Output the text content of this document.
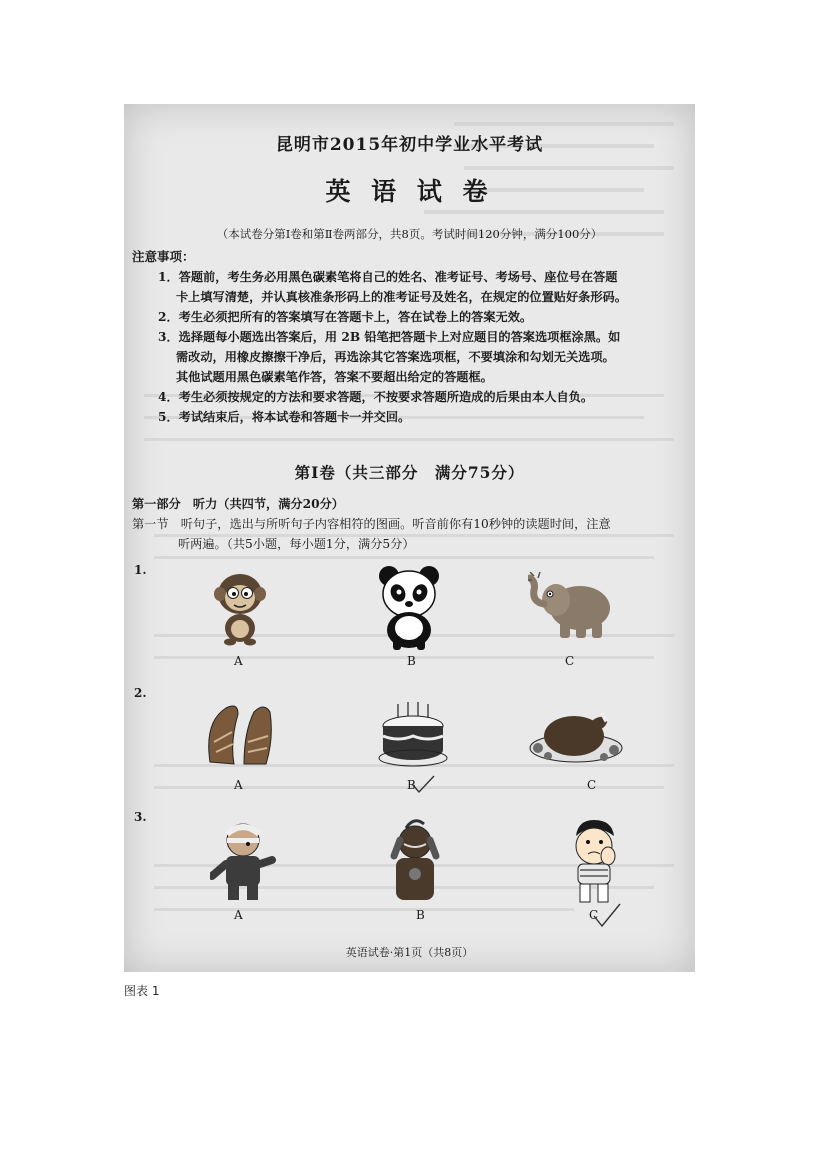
昆明市2015年初中学业水平考试
英 语 试 卷
（本试卷分第Ⅰ卷和第Ⅱ卷两部分，共8页。考试时间120分钟，满分100分）
注意事项：
1．答题前，考生务必用黑色碳素笔将自己的姓名、准考证号、考场号、座位号在答题
卡上填写清楚，并认真核准条形码上的准考证号及姓名，在规定的位置贴好条形码。
2．考生必须把所有的答案填写在答题卡上，答在试卷上的答案无效。
3．选择题每小题选出答案后，用 2B 铅笔把答题卡上对应题目的答案选项框涂黑。如
需改动，用橡皮擦擦干净后，再选涂其它答案选项框，不要填涂和勾划无关选项。
其他试题用黑色碳素笔作答，答案不要超出给定的答题框。
4．考生必须按规定的方法和要求答题，不按要求答题所造成的后果由本人自负。
5．考试结束后，将本试卷和答题卡一并交回。
第Ⅰ卷（共三部分　满分75分）
第一部分　听力（共四节，满分20分）
第一节　听句子，选出与所听句子内容相符的图画。听音前你有10秒钟的读题时间，注意
听两遍。（共5小题，每小题1分，满分5分）
1.
A	B	C
2.
A	B	C
3.
A	B	C
英语试卷·第1页（共8页）
图表 1
